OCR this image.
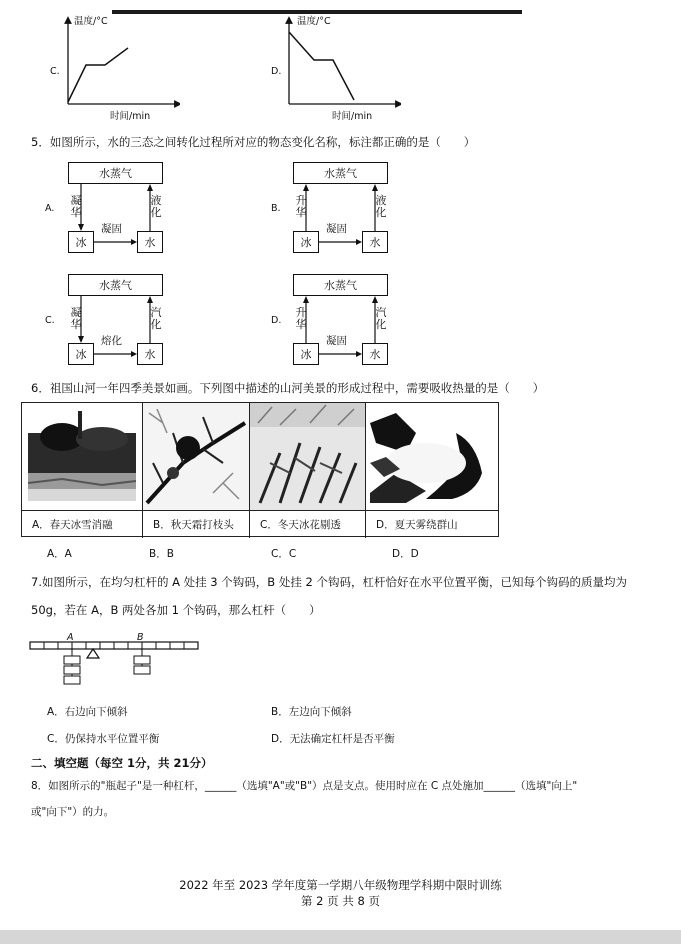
C.
温度/°C
时间/min
D.
温度/°C
时间/min
5．如图所示，水的三态之间转化过程所对应的物态变化名称，标注都正确的是（　　）
A.
水蒸气
冰	水
凝华
液化
凝固
B.
水蒸气
冰	水
升华
液化
凝固
C.
水蒸气
冰	水
凝华
汽化
熔化
D.
水蒸气
冰	水
升华
汽化
凝固
6．祖国山河一年四季美景如画。下列图中描述的山河美景的形成过程中，需要吸收热量的是（　　）
A．春天冰雪消融	B．秋天霜打枝头	C．冬天冰花剔透	D．夏天雾绕群山
A．A	B．B	C．C	D．D
7.如图所示，在均匀杠杆的 A 处挂 3 个钩码，B 处挂 2 个钩码，杠杆恰好在水平位置平衡，已知每个钩码的质量均为
50g，若在 A，B 两处各加 1 个钩码，那么杠杆（　　）
A	B
A．右边向下倾斜	B．左边向下倾斜
C．仍保持水平位置平衡	D．无法确定杠杆是否平衡
二、填空题（每空 1分，共 21分）
8．如图所示的"瓶起子"是一种杠杆，______（选填"A"或"B"）点是支点。使用时应在 C 点处施加______（选填"向上"
或"向下"）的力。
2022 年至 2023 学年度第一学期八年级物理学科期中限时训练
第 2 页 共 8 页
